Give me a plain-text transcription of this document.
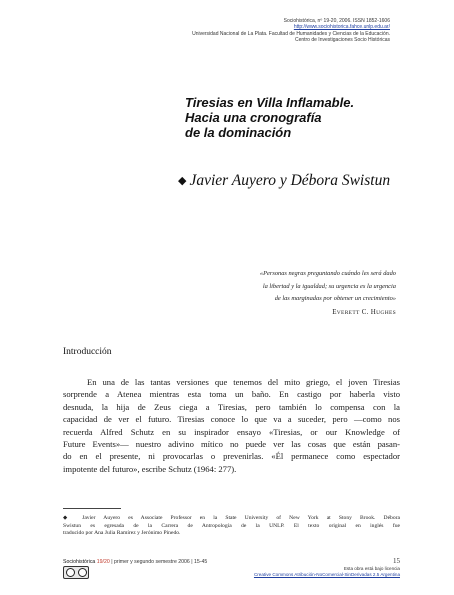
Sociohistórica, nº 19-20, 2006. ISSN 1852-1606
http://www.sociohistorica.fahce.unlp.edu.ar/
Universidad Nacional de La Plata. Facultad de Humanidades y Ciencias de la Educación.
Centro de Investigaciones Socio Históricas
Tiresias en Villa Inflamable.
Hacia una cronografía
de la dominación
◆ Javier Auyero y Débora Swistun
«Personas negras preguntando cuándo les será dado
la libertad y la igualdad; su urgencia es la urgencia
de las marginadas por obtener un crecimiento»
EVERETT C. HUGHES
Introducción
En una de las tantas versiones que tenemos del mito griego, el joven Tiresias
sorprende a Atenea mientras esta toma un baño. En castigo por haberla visto
desnuda, la hija de Zeus ciega a Tiresias, pero también lo compensa con la
capacidad de ver el futuro. Tiresias conoce lo que va a suceder, pero —como nos
recuerda Alfred Schutz en su inspirador ensayo «Tiresias, or our Knowledge of
Future Events»— nuestro adivino mítico no puede ver las cosas que están pasan-
do en el presente, ni provocarlas o prevenirlas. «Él permanece como espectador
impotente del futuro», escribe Schutz (1964: 277).
◆ Javier Auyero es Associate Professor en la State University of New York at Stony Brook. Débora
Swistun es egresada de la Carrera de Antropología de la UNLP. El texto original en inglés fue
traducido por Ana Julia Ramírez y Jerónimo Pinedo.
Sociohistórica 19/20 | primer y segundo semestre 2006 | 15-45	15
Esta obra está bajo licencia
Creative Commons Atribución-NoComercial-SinDerivadas 2.5 Argentina
